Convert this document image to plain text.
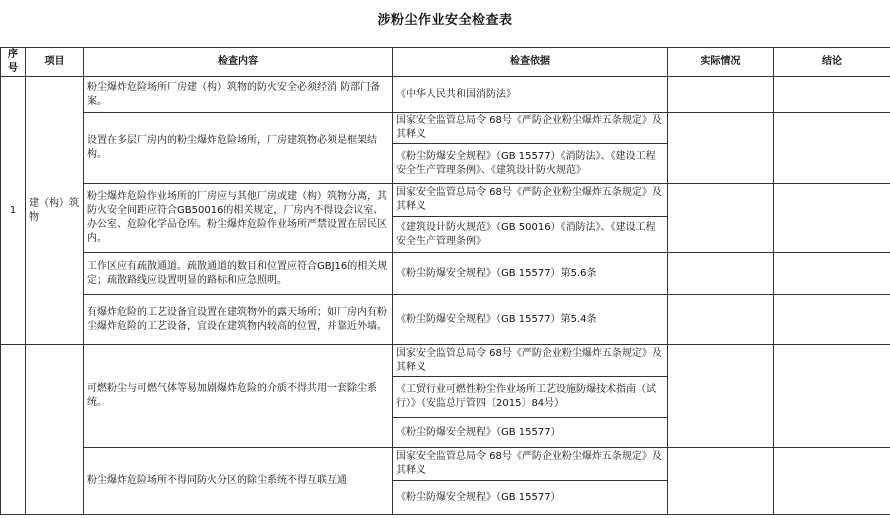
涉粉尘作业安全检查表
序号	项目	检查内容	检查依据	实际情况	结论
1	建（构）筑物	粉尘爆炸危险场所厂房建（构）筑物的防火安全必须经消 防部门备案。	《中华人民共和国消防法》		
		设置在多层厂房内的粉尘爆炸危险场所，厂房建筑物必须是框架结构。	国家安全监管总局令 68号《严防企业粉尘爆炸五条规定》及其释义		
			《粉尘防爆安全规程》（GB 15577）《消防法》、《建设工程安全生产管理条例》、《建筑设计防火规范》		
		粉尘爆炸危险作业场所的厂房应与其他厂房或建（构）筑物分离，其防火安全间距应符合GB50016的相关规定，厂房内不得设会议室、办公室、危险化学品仓库。粉尘爆炸危险作业场所严禁设置在居民区内。	国家安全监管总局令 68号《严防企业粉尘爆炸五条规定》及其释义		
			《建筑设计防火规范》（GB 50016）《消防法》、《建设工程安全生产管理条例》		
		工作区应有疏散通道。疏散通道的数目和位置应符合GBJ16的相关规定；疏散路线应设置明显的路标和应急照明。	《粉尘防爆安全规程》（GB 15577）第5.6条		
		有爆炸危险的工艺设备宜设置在建筑物外的露天场所；如厂房内有粉尘爆炸危险的工艺设备，宜设在建筑物内较高的位置，并靠近外墙。	《粉尘防爆安全规程》（GB 15577）第5.4条		
		可燃粉尘与可燃气体等易加剧爆炸危险的介质不得共用一套除尘系统。	国家安全监管总局令 68号《严防企业粉尘爆炸五条规定》及其释义		
			《工贸行业可燃性粉尘作业场所工艺设施防爆技术指南（试行）》（安监总厅管四〔2015〕84号）		
			《粉尘防爆安全规程》（GB 15577）		
		粉尘爆炸危险场所不得同防火分区的除尘系统不得互联互通	国家安全监管总局令 68号《严防企业粉尘爆炸五条规定》及其释义		
			《粉尘防爆安全规程》（GB 15577）		
